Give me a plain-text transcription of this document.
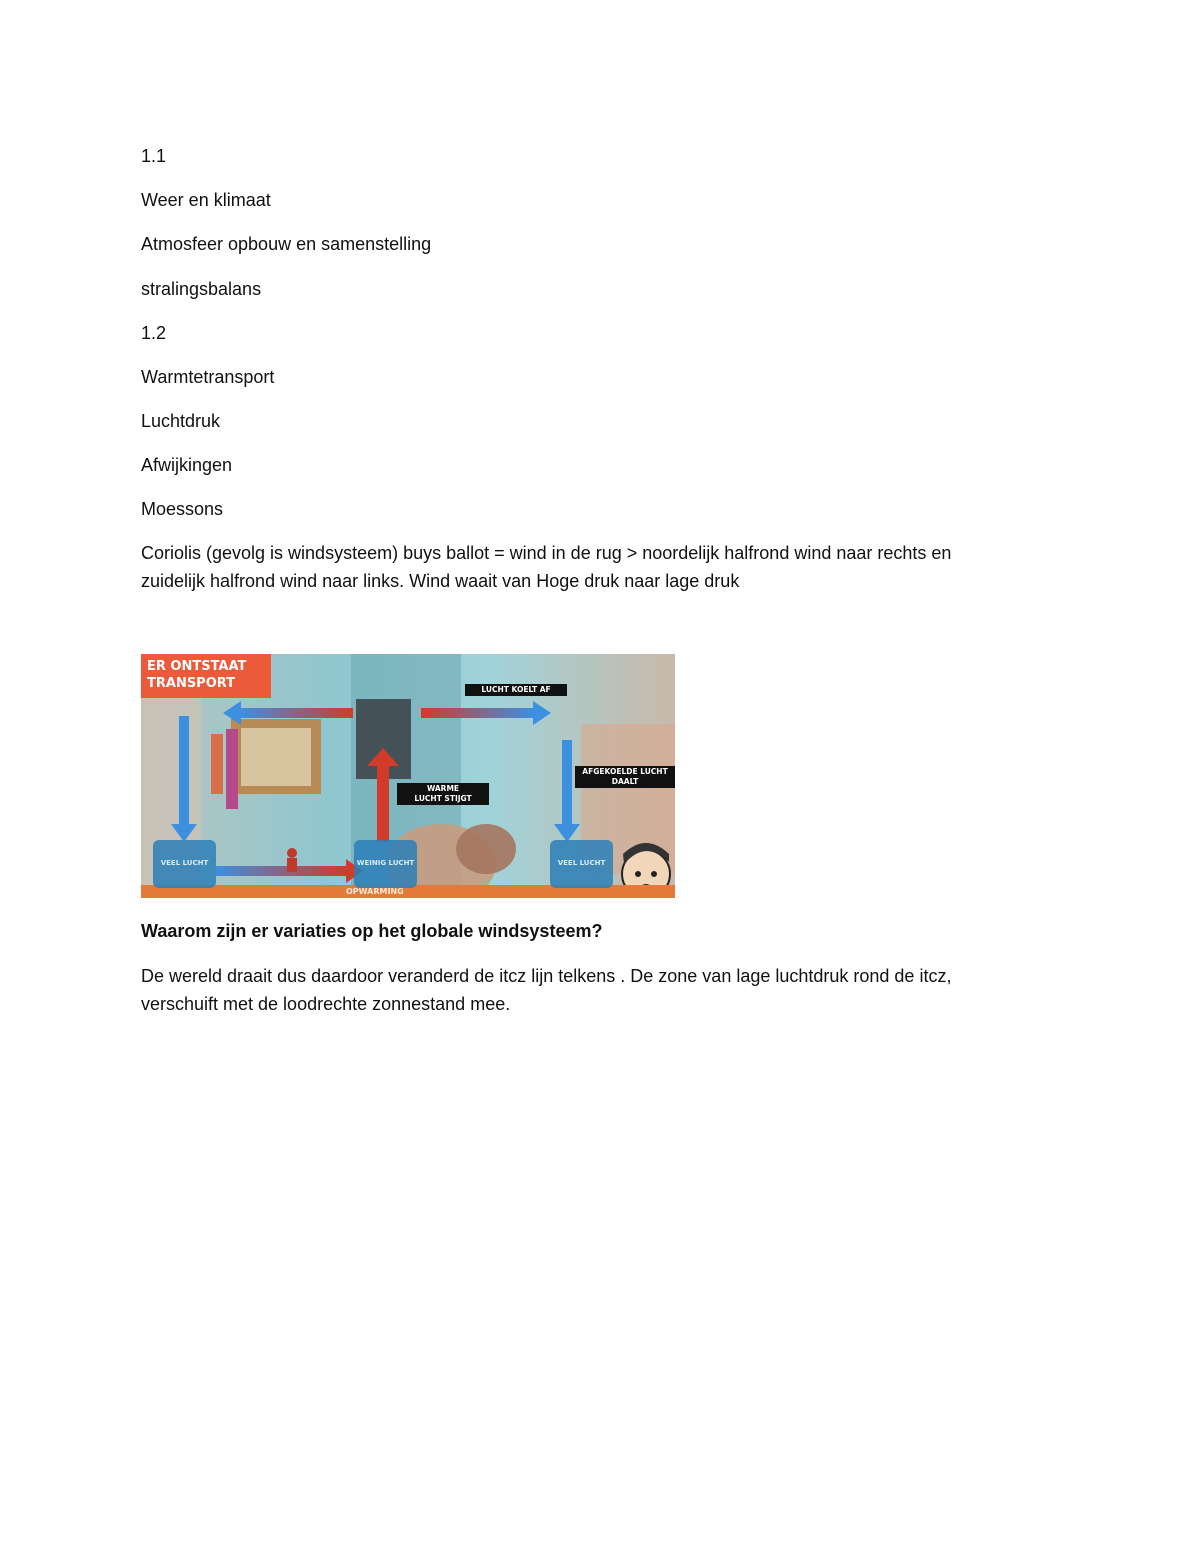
1.1
Weer en klimaat
Atmosfeer opbouw en samenstelling
stralingsbalans
1.2
Warmtetransport
Luchtdruk
Afwijkingen
Moessons
Coriolis (gevolg is windsysteem) buys ballot = wind in de rug > noordelijk halfrond wind naar rechts en
zuidelijk halfrond wind naar links. Wind waait van Hoge druk naar lage druk
ER ONTSTAAT
TRANSPORT	LUCHT KOELT AF
AFGEKOELDE LUCHT
DAALT
WARME
LUCHT STIJGT
VEEL LUCHT	WEINIG LUCHT	VEEL LUCHT
OPWARMING
Waarom zijn er variaties op het globale windsysteem?
De wereld draait dus daardoor veranderd de itcz lijn telkens . De zone van lage luchtdruk rond de itcz,
verschuift met de loodrechte zonnestand mee.
